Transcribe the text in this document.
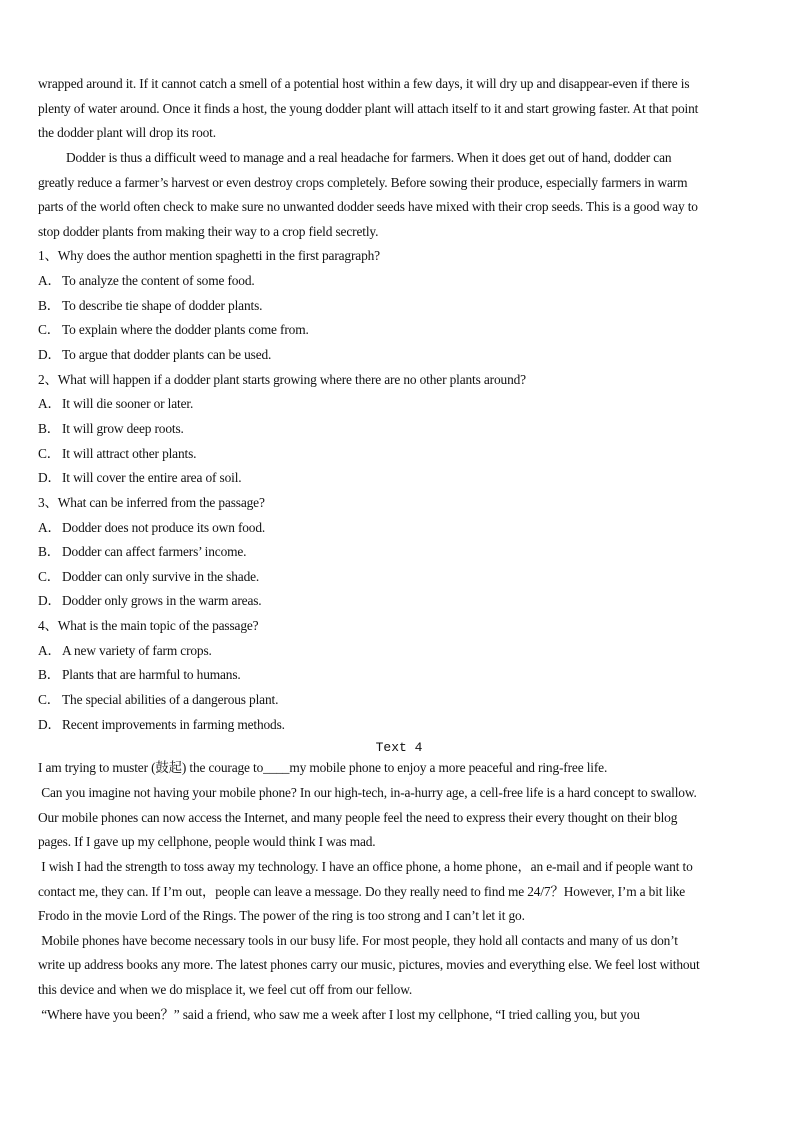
wrapped around it. If it cannot catch a smell of a potential host within a few days, it will dry up and disappear-even if there is
plenty of water around. Once it finds a host, the young dodder plant will attach itself to it and start growing faster. At that point
the dodder plant will drop its root.
Dodder is thus a difficult weed to manage and a real headache for farmers. When it does get out of hand, dodder can
greatly reduce a farmer’s harvest or even destroy crops completely. Before sowing their produce, especially farmers in warm
parts of the world often check to make sure no unwanted dodder seeds have mixed with their crop seeds. This is a good way to
stop dodder plants from making their way to a crop field secretly.
1、Why does the author mention spaghetti in the first paragraph?
A．To analyze the content of some food.
B． To describe tie shape of dodder plants.
C． To explain where the dodder plants come from.
D．To argue that dodder plants can be used.
2、What will happen if a dodder plant starts growing where there are no other plants around?
A．It will die sooner or later.
B． It will grow deep roots.
C． It will attract other plants.
D．It will cover the entire area of soil.
3、What can be inferred from the passage?
A．Dodder does not produce its own food.
B． Dodder can affect farmers’ income.
C． Dodder can only survive in the shade.
D．Dodder only grows in the warm areas.
4、What is the main topic of the passage?
A．A new variety of farm crops.
B． Plants that are harmful to humans.
C． The special abilities of a dangerous plant.
D．Recent improvements in farming methods.
Text 4
I am trying to muster (鼓起) the courage to____my mobile phone to enjoy a more peaceful and ring-free life.
Can you imagine not having your mobile phone? In our high-tech, in-a-hurry age, a cell-free life is a hard concept to swallow.
Our mobile phones can now access the Internet, and many people feel the need to express their every thought on their blog
pages. If I gave up my cellphone, people would think I was mad.
I wish I had the strength to toss away my technology. I have an office phone, a home phone，an e-mail and if people want to
contact me, they can. If I’m out，people can leave a message. Do they really need to find me 24/7？However, I’m a bit like
Frodo in the movie Lord of the Rings. The power of the ring is too strong and I can’t let it go.
Mobile phones have become necessary tools in our busy life. For most people, they hold all contacts and many of us don’t
write up address books any more. The latest phones carry our music, pictures, movies and everything else. We feel lost without
this device and when we do misplace it, we feel cut off from our fellow.
“Where have you been？” said a friend, who saw me a week after I lost my cellphone, “I tried calling you, but you
